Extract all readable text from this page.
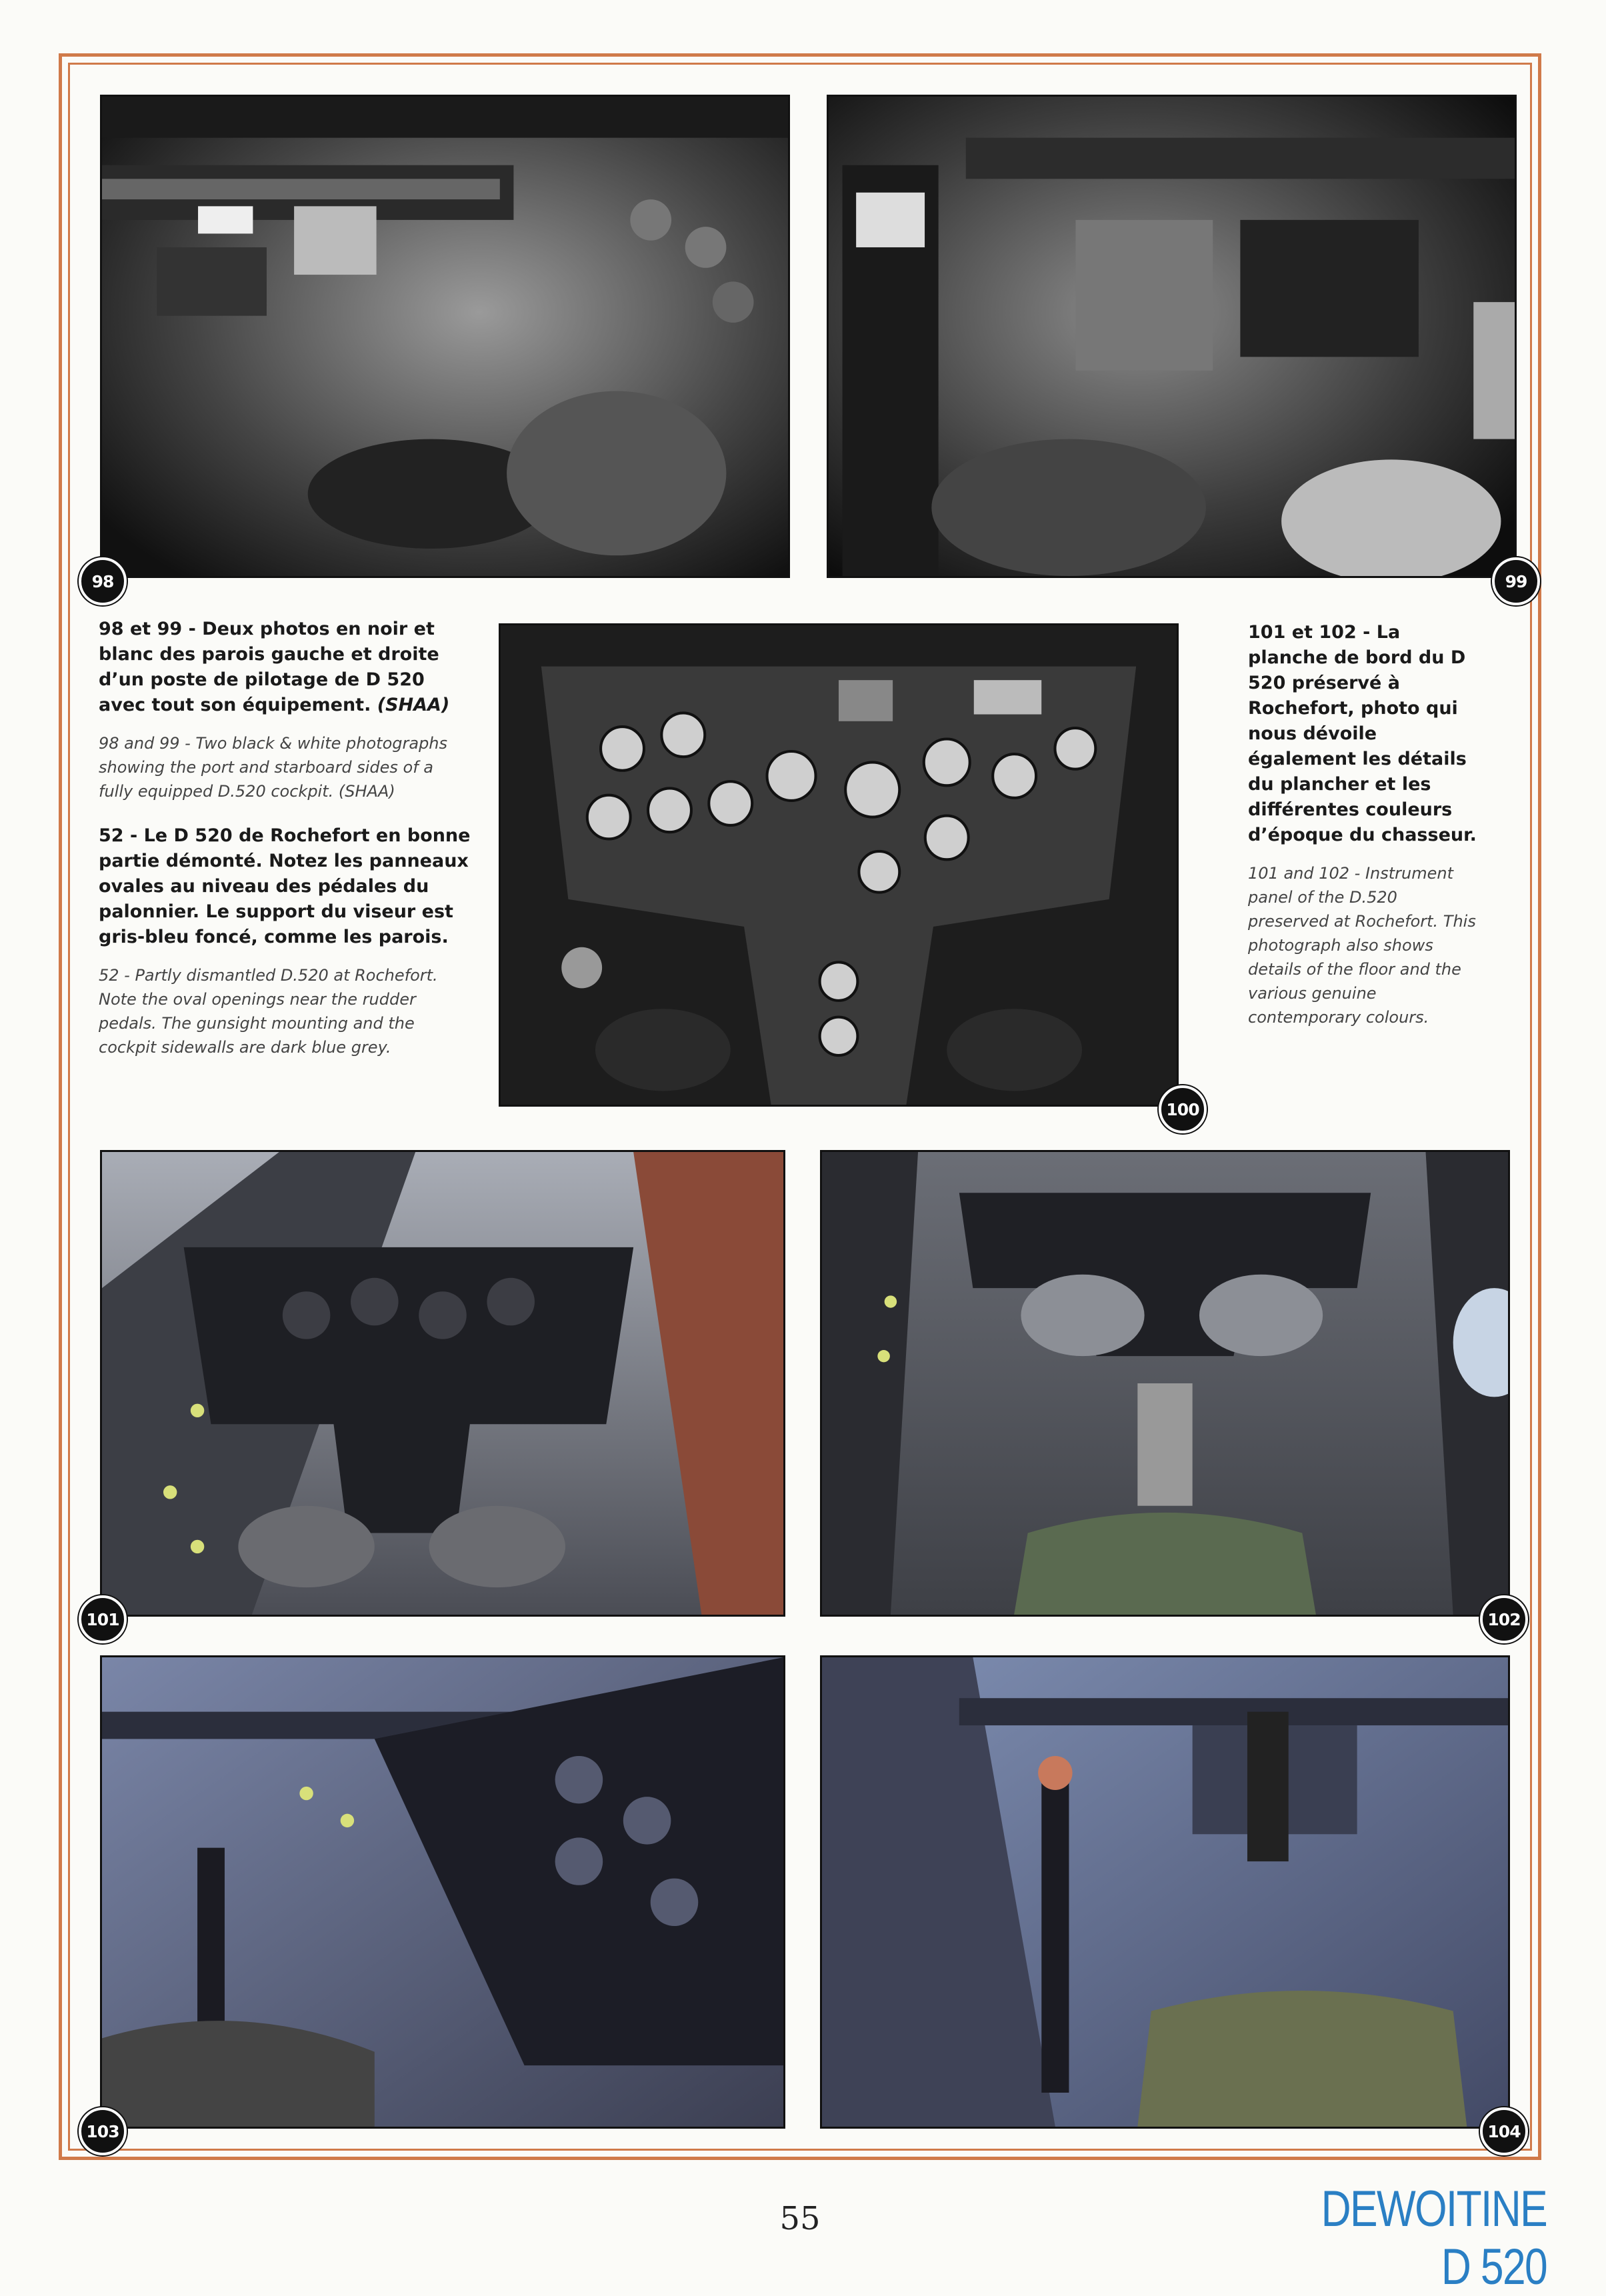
98	99

98 et 99 - Deux photos en noir et blanc des parois gauche et droite d’un poste de pilotage de D 520 avec tout son équipement. (SHAA)

98 and 99 - Two black & white photographs showing the port and starboard sides of a fully equipped D.520 cockpit. (SHAA)

52 - Le D 520 de Rochefort en bonne partie démonté. Notez les panneaux ovales au niveau des pédales du palonnier. Le support du viseur est gris-bleu foncé, comme les parois.

52 - Partly dismantled D.520 at Rochefort. Note the oval openings near the rudder pedals. The gunsight mounting and the cockpit sidewalls are dark blue grey.

100

101 et 102 - La planche de bord du D 520 préservé à Rochefort, photo qui nous dévoile également les détails du plancher et les différentes couleurs d’époque du chasseur.

101 and 102 - Instrument panel of the D.520 preserved at Rochefort. This photograph also shows details of the floor and the various genuine contemporary colours.

101	102
103	104
55	DEWOITINE D 520
